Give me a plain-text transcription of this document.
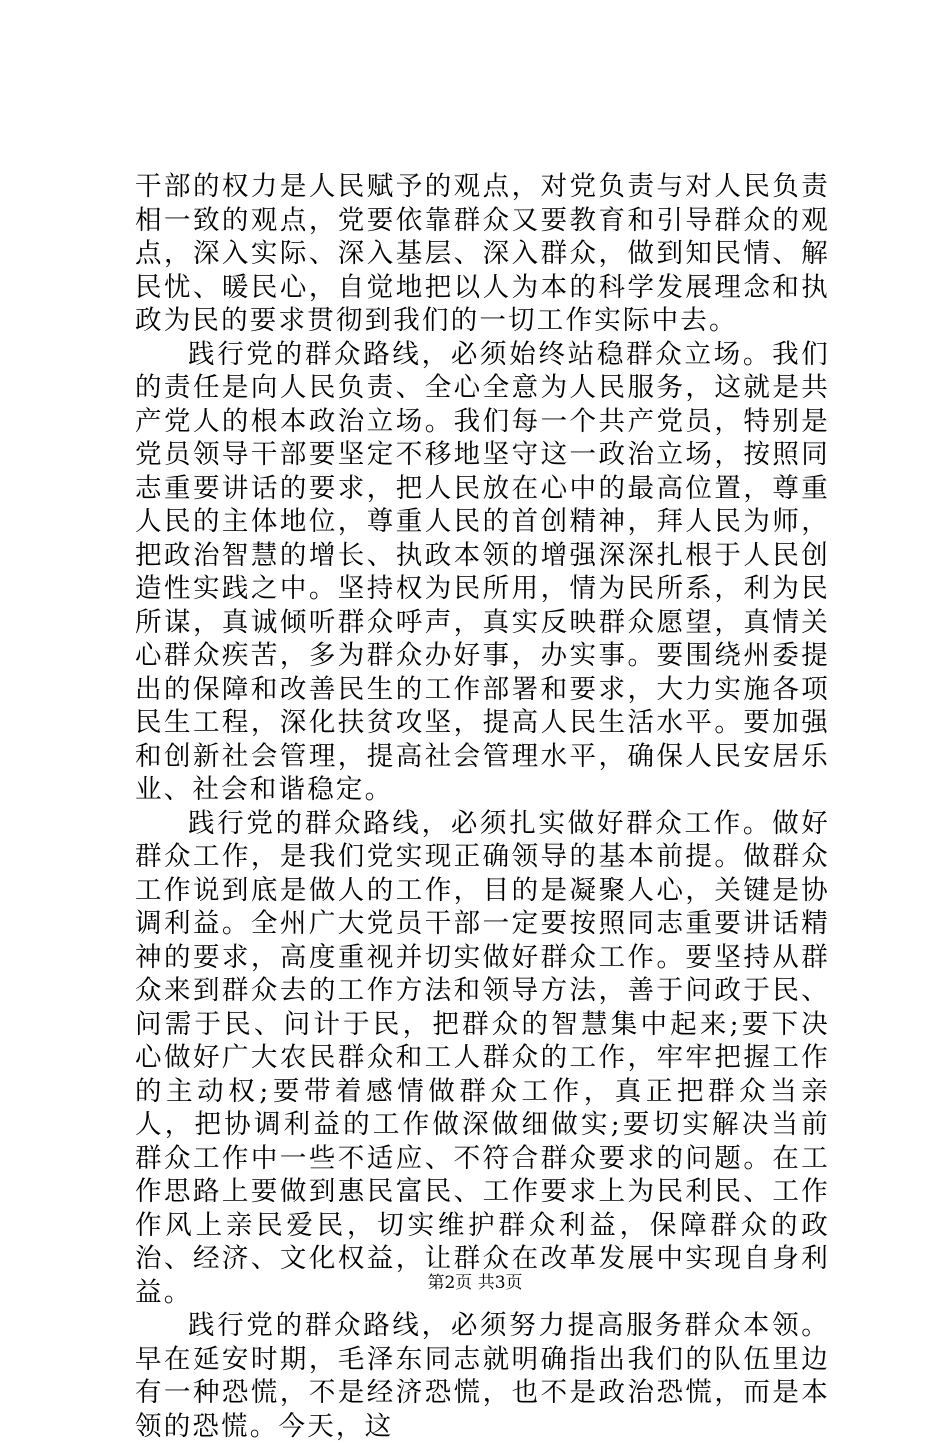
干部的权力是人民赋予的观点，对党负责与对人民负责相一致的观点，党要依靠群众又要教育和引导群众的观点，深入实际、深入基层、深入群众，做到知民情、解民忧、暖民心，自觉地把以人为本的科学发展理念和执政为民的要求贯彻到我们的一切工作实际中去。

践行党的群众路线，必须始终站稳群众立场。我们的责任是向人民负责、全心全意为人民服务，这就是共产党人的根本政治立场。我们每一个共产党员，特别是党员领导干部要坚定不移地坚守这一政治立场，按照同志重要讲话的要求，把人民放在心中的最高位置，尊重人民的主体地位，尊重人民的首创精神，拜人民为师，把政治智慧的增长、执政本领的增强深深扎根于人民创造性实践之中。坚持权为民所用，情为民所系，利为民所谋，真诚倾听群众呼声，真实反映群众愿望，真情关心群众疾苦，多为群众办好事，办实事。要围绕州委提出的保障和改善民生的工作部署和要求，大力实施各项民生工程，深化扶贫攻坚，提高人民生活水平。要加强和创新社会管理，提高社会管理水平，确保人民安居乐业、社会和谐稳定。

践行党的群众路线，必须扎实做好群众工作。做好群众工作，是我们党实现正确领导的基本前提。做群众工作说到底是做人的工作，目的是凝聚人心，关键是协调利益。全州广大党员干部一定要按照同志重要讲话精神的要求，高度重视并切实做好群众工作。要坚持从群众来到群众去的工作方法和领导方法，善于问政于民、问需于民、问计于民，把群众的智慧集中起来;要下决心做好广大农民群众和工人群众的工作，牢牢把握工作的主动权;要带着感情做群众工作，真正把群众当亲人，把协调利益的工作做深做细做实;要切实解决当前群众工作中一些不适应、不符合群众要求的问题。在工作思路上要做到惠民富民、工作要求上为民利民、工作作风上亲民爱民，切实维护群众利益，保障群众的政治、经济、文化权益，让群众在改革发展中实现自身利益。

践行党的群众路线，必须努力提高服务群众本领。早在延安时期，毛泽东同志就明确指出我们的队伍里边有一种恐慌，不是经济恐慌，也不是政治恐慌，而是本领的恐慌。今天，这

第2页 共3页
